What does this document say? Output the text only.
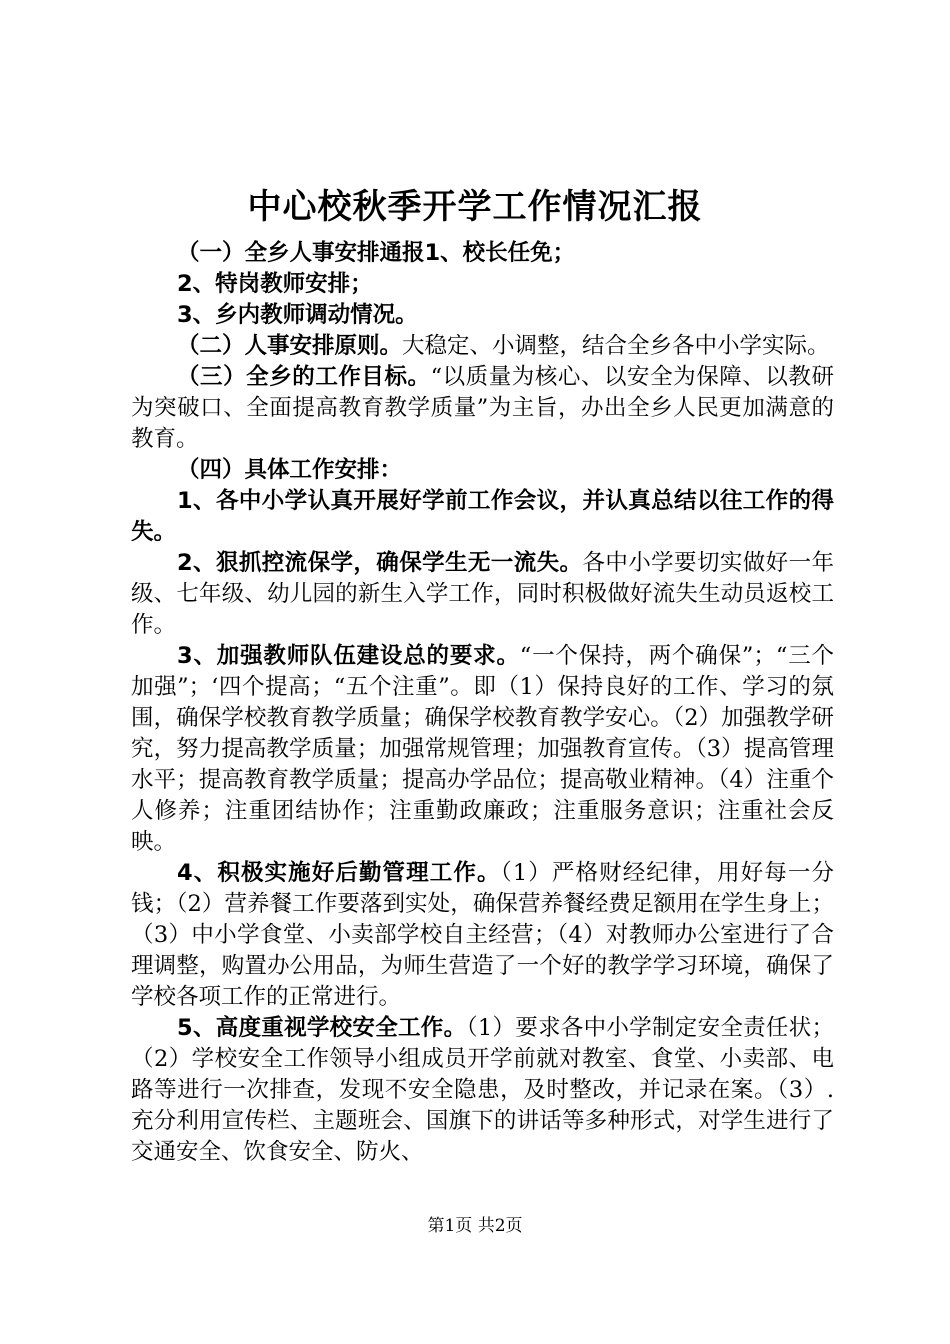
中心校秋季开学工作情况汇报

（一）全乡人事安排通报1、校长任免；

2、特岗教师安排；

3、乡内教师调动情况。

（二）人事安排原则。大稳定、小调整，结合全乡各中小学实际。

（三）全乡的工作目标。“以质量为核心、以安全为保障、以教研为突破口、全面提高教育教学质量”为主旨，办出全乡人民更加满意的教育。

（四）具体工作安排：

1、各中小学认真开展好学前工作会议，并认真总结以往工作的得失。

2、狠抓控流保学，确保学生无一流失。各中小学要切实做好一年级、七年级、幼儿园的新生入学工作，同时积极做好流失生动员返校工作。

3、加强教师队伍建设总的要求。“一个保持，两个确保”；“三个加强”；‘四个提高；“五个注重”。即（1）保持良好的工作、学习的氛围，确保学校教育教学质量；确保学校教育教学安心。（2）加强教学研究，努力提高教学质量；加强常规管理；加强教育宣传。（3）提高管理水平；提高教育教学质量；提高办学品位；提高敬业精神。（4）注重个人修养；注重团结协作；注重勤政廉政；注重服务意识；注重社会反映。

4、积极实施好后勤管理工作。（1）严格财经纪律，用好每一分钱；（2）营养餐工作要落到实处，确保营养餐经费足额用在学生身上；（3）中小学食堂、小卖部学校自主经营；（4）对教师办公室进行了合理调整，购置办公用品，为师生营造了一个好的教学学习环境，确保了学校各项工作的正常进行。

5、高度重视学校安全工作。（1）要求各中小学制定安全责任状；（2）学校安全工作领导小组成员开学前就对教室、食堂、小卖部、电路等进行一次排查，发现不安全隐患，及时整改，并记录在案。（3）.充分利用宣传栏、主题班会、国旗下的讲话等多种形式，对学生进行了交通安全、饮食安全、防火、

第1页 共2页
